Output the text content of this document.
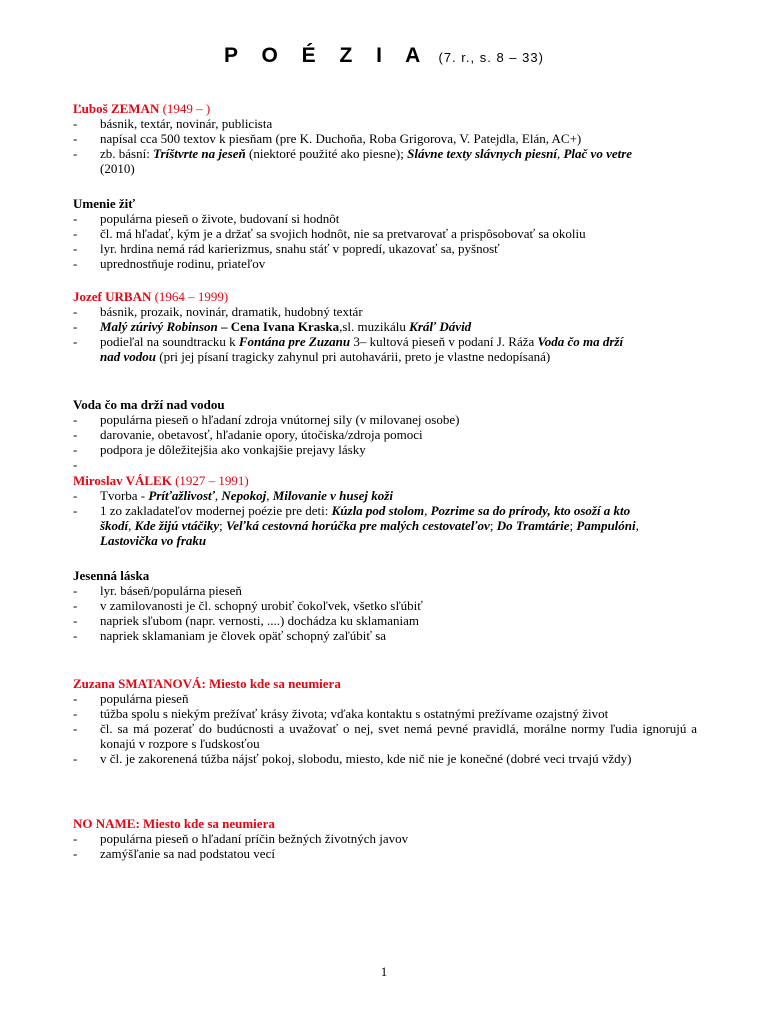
P O É Z I A (7. r., s. 8 – 33)
Ľuboš ZEMAN (1949 – )
- básnik, textár, novinár, publicista
- napísal cca 500 textov k piesňam (pre K. Duchoňa, Roba Grigorova, V. Patejdla, Elán, AC+)
- zb. básní: Tríštvrte na jeseň (niektoré použité ako piesne); Slávne texty slávnych piesní, Plač vo vetre
(2010)
Umenie žiť
- populárna pieseň o živote, budovaní si hodnôt
- čl. má hľadať, kým je a držať sa svojich hodnôt, nie sa pretvarovať a prispôsobovať sa okoliu
- lyr. hrdina nemá rád karierizmus, snahu stáť v popredí, ukazovať sa, pyšnosť
- uprednostňuje rodinu, priateľov
Jozef URBAN (1964 – 1999)
- básnik, prozaik, novinár, dramatik, hudobný textár
- Malý zúrivý Robinson – Cena Ivana Kraska,sl. muzikálu Kráľ Dávid
- podieľal na soundtracku k Fontána pre Zuzanu 3– kultová pieseň v podaní J. Ráža Voda čo ma drží
nad vodou (pri jej písaní tragicky zahynul pri autohavárii, preto je vlastne nedopísaná)
Voda čo ma drží nad vodou
- populárna pieseň o hľadaní zdroja vnútornej sily (v milovanej osobe)
- darovanie, obetavosť, hľadanie opory, útočiska/zdroja pomoci
- podpora je dôležitejšia ako vonkajšie prejavy lásky
-
Miroslav VÁLEK (1927 – 1991)
- Tvorba - Príťažlivosť, Nepokoj, Milovanie v husej koži
- 1 zo zakladateľov modernej poézie pre deti: Kúzla pod stolom, Pozrime sa do prírody, kto osoží a kto
škodí, Kde žijú vtáčiky; Veľká cestovná horúčka pre malých cestovateľov; Do Tramtárie; Pampulóni,
Lastovička vo fraku
Jesenná láska
- lyr. báseň/populárna pieseň
- v zamilovanosti je čl. schopný urobiť čokoľvek, všetko sľúbiť
- napriek sľubom (napr. vernosti, ....) dochádza ku sklamaniam
- napriek sklamaniam je človek opäť schopný zaľúbiť sa
Zuzana SMATANOVÁ: Miesto kde sa neumiera
- populárna pieseň
- túžba spolu s niekým prežívať krásy života; vďaka kontaktu s ostatnými prežívame ozajstný život
- čl. sa má pozerať do budúcnosti a uvažovať o nej, svet nemá pevné pravidlá, morálne normy ľudia ignorujú a konajú v rozpore s ľudskosťou
- v čl. je zakorenená túžba nájsť pokoj, slobodu, miesto, kde nič nie je konečné (dobré veci trvajú vždy)
NO NAME: Miesto kde sa neumiera
- populárna pieseň o hľadaní príčin bežných životných javov
- zamýšľanie sa nad podstatou vecí
1
